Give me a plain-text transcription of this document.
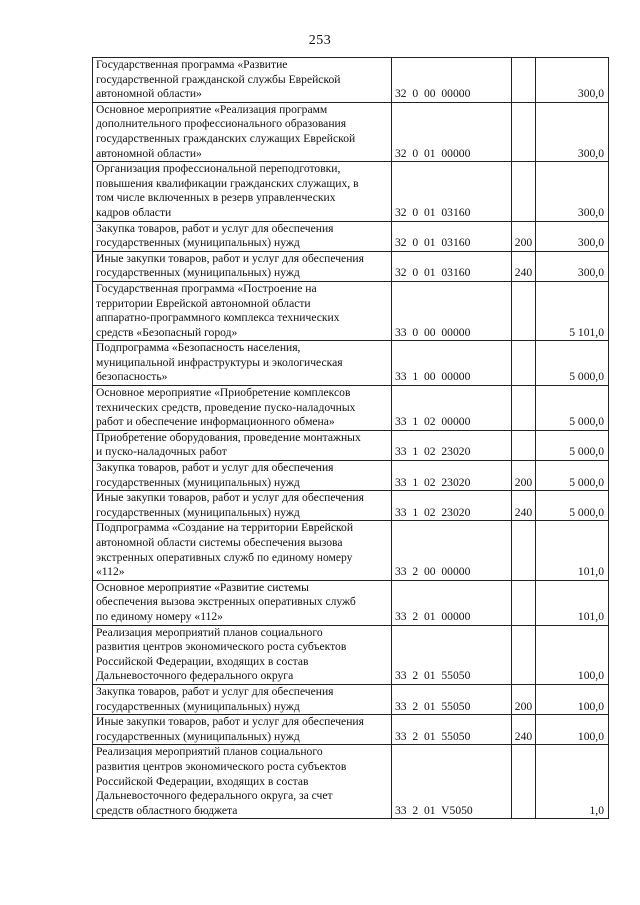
253
Государственная программа «Развитие
государственной гражданской службы Еврейской
автономной области»	32  0  00  00000		300,0

Основное мероприятие «Реализация программ
дополнительного профессионального образования
государственных гражданских служащих Еврейской
автономной области»	32  0  01  00000		300,0

Организация профессиональной переподготовки,
повышения квалификации гражданских служащих, в
том числе включенных в резерв управленческих
кадров области	32  0  01  03160		300,0

Закупка товаров, работ и услуг для обеспечения
государственных (муниципальных) нужд	32  0  01  03160	200	300,0

Иные закупки товаров, работ и услуг для обеспечения
государственных (муниципальных) нужд	32  0  01  03160	240	300,0

Государственная программа «Построение на
территории Еврейской автономной области
аппаратно-программного комплекса технических
средств «Безопасный город»	33  0  00  00000		5 101,0

Подпрограмма «Безопасность населения,
муниципальной инфраструктуры и экологическая
безопасность»	33  1  00  00000		5 000,0

Основное мероприятие «Приобретение комплексов
технических средств, проведение пуско-наладочных
работ и обеспечение информационного обмена»	33  1  02  00000		5 000,0

Приобретение оборудования, проведение монтажных
и пуско-наладочных работ	33  1  02  23020		5 000,0

Закупка товаров, работ и услуг для обеспечения
государственных (муниципальных) нужд	33  1  02  23020	200	5 000,0

Иные закупки товаров, работ и услуг для обеспечения
государственных (муниципальных) нужд	33  1  02  23020	240	5 000,0

Подпрограмма «Создание на территории Еврейской
автономной области системы обеспечения вызова
экстренных оперативных служб по единому номеру
«112»	33  2  00  00000		101,0

Основное мероприятие «Развитие системы
обеспечения вызова экстренных оперативных служб
по единому номеру «112»	33  2  01  00000		101,0

Реализация мероприятий планов социального
развития центров экономического роста субъектов
Российской Федерации, входящих в состав
Дальневосточного федерального округа	33  2  01  55050		100,0

Закупка товаров, работ и услуг для обеспечения
государственных (муниципальных) нужд	33  2  01  55050	200	100,0

Иные закупки товаров, работ и услуг для обеспечения
государственных (муниципальных) нужд	33  2  01  55050	240	100,0

Реализация мероприятий планов социального
развития центров экономического роста субъектов
Российской Федерации, входящих в состав
Дальневосточного федерального округа, за счет
средств областного бюджета	33  2  01  V5050		1,0
